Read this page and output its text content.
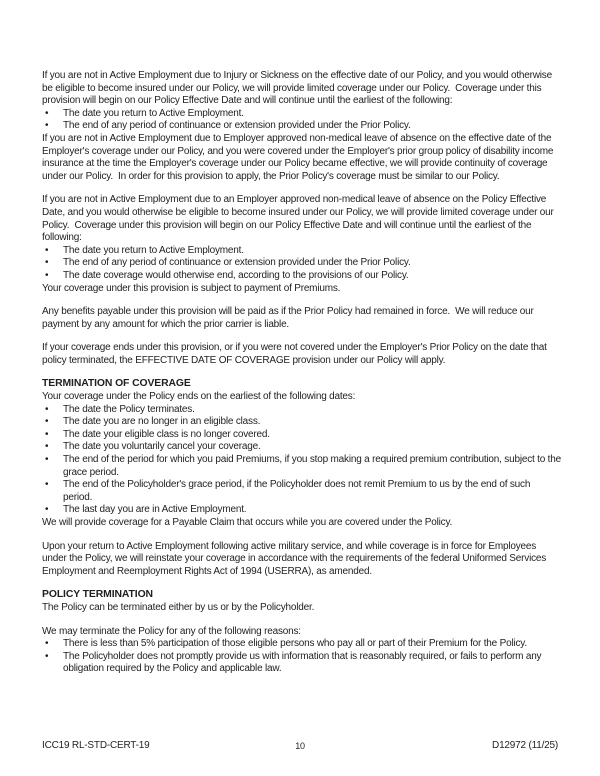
If you are not in Active Employment due to Injury or Sickness on the effective date of our Policy, and you would otherwise be eligible to become insured under our Policy, we will provide limited coverage under our Policy.  Coverage under this provision will begin on our Policy Effective Date and will continue until the earliest of the following:

•
The date you return to Active Employment.
•
The end of any period of continuance or extension provided under the Prior Policy.

If you are not in Active Employment due to Employer approved non-medical leave of absence on the effective date of the Employer's coverage under our Policy, and you were covered under the Employer's prior group policy of disability income insurance at the time the Employer's coverage under our Policy became effective, we will provide continuity of coverage under our Policy.  In order for this provision to apply, the Prior Policy's coverage must be similar to our Policy.

If you are not in Active Employment due to an Employer approved non-medical leave of absence on the Policy Effective Date, and you would otherwise be eligible to become insured under our Policy, we will provide limited coverage under our Policy.  Coverage under this provision will begin on our Policy Effective Date and will continue until the earliest of the following:

•
The date you return to Active Employment.
•
The end of any period of continuance or extension provided under the Prior Policy.
•
The date coverage would otherwise end, according to the provisions of our Policy.

Your coverage under this provision is subject to payment of Premiums.

Any benefits payable under this provision will be paid as if the Prior Policy had remained in force.  We will reduce our payment by any amount for which the prior carrier is liable.

If your coverage ends under this provision, or if you were not covered under the Employer's Prior Policy on the date that policy terminated, the EFFECTIVE DATE OF COVERAGE provision under our Policy will apply.

TERMINATION OF COVERAGE

Your coverage under the Policy ends on the earliest of the following dates:

•
The date the Policy terminates.
•
The date you are no longer in an eligible class.
•
The date your eligible class is no longer covered.
•
The date you voluntarily cancel your coverage.
•
The end of the period for which you paid Premiums, if you stop making a required premium contribution, subject to the grace period.
•
The end of the Policyholder's grace period, if the Policyholder does not remit Premium to us by the end of such period.
•
The last day you are in Active Employment.

We will provide coverage for a Payable Claim that occurs while you are covered under the Policy.

Upon your return to Active Employment following active military service, and while coverage is in force for Employees under the Policy, we will reinstate your coverage in accordance with the requirements of the federal Uniformed Services Employment and Reemployment Rights Act of 1994 (USERRA), as amended.

POLICY TERMINATION

The Policy can be terminated either by us or by the Policyholder.

We may terminate the Policy for any of the following reasons:

•
There is less than 5% participation of those eligible persons who pay all or part of their Premium for the Policy.
•
The Policyholder does not promptly provide us with information that is reasonably required, or fails to perform any obligation required by the Policy and applicable law.
ICC19 RL-STD-CERT-19	10	D12972 (11/25)
